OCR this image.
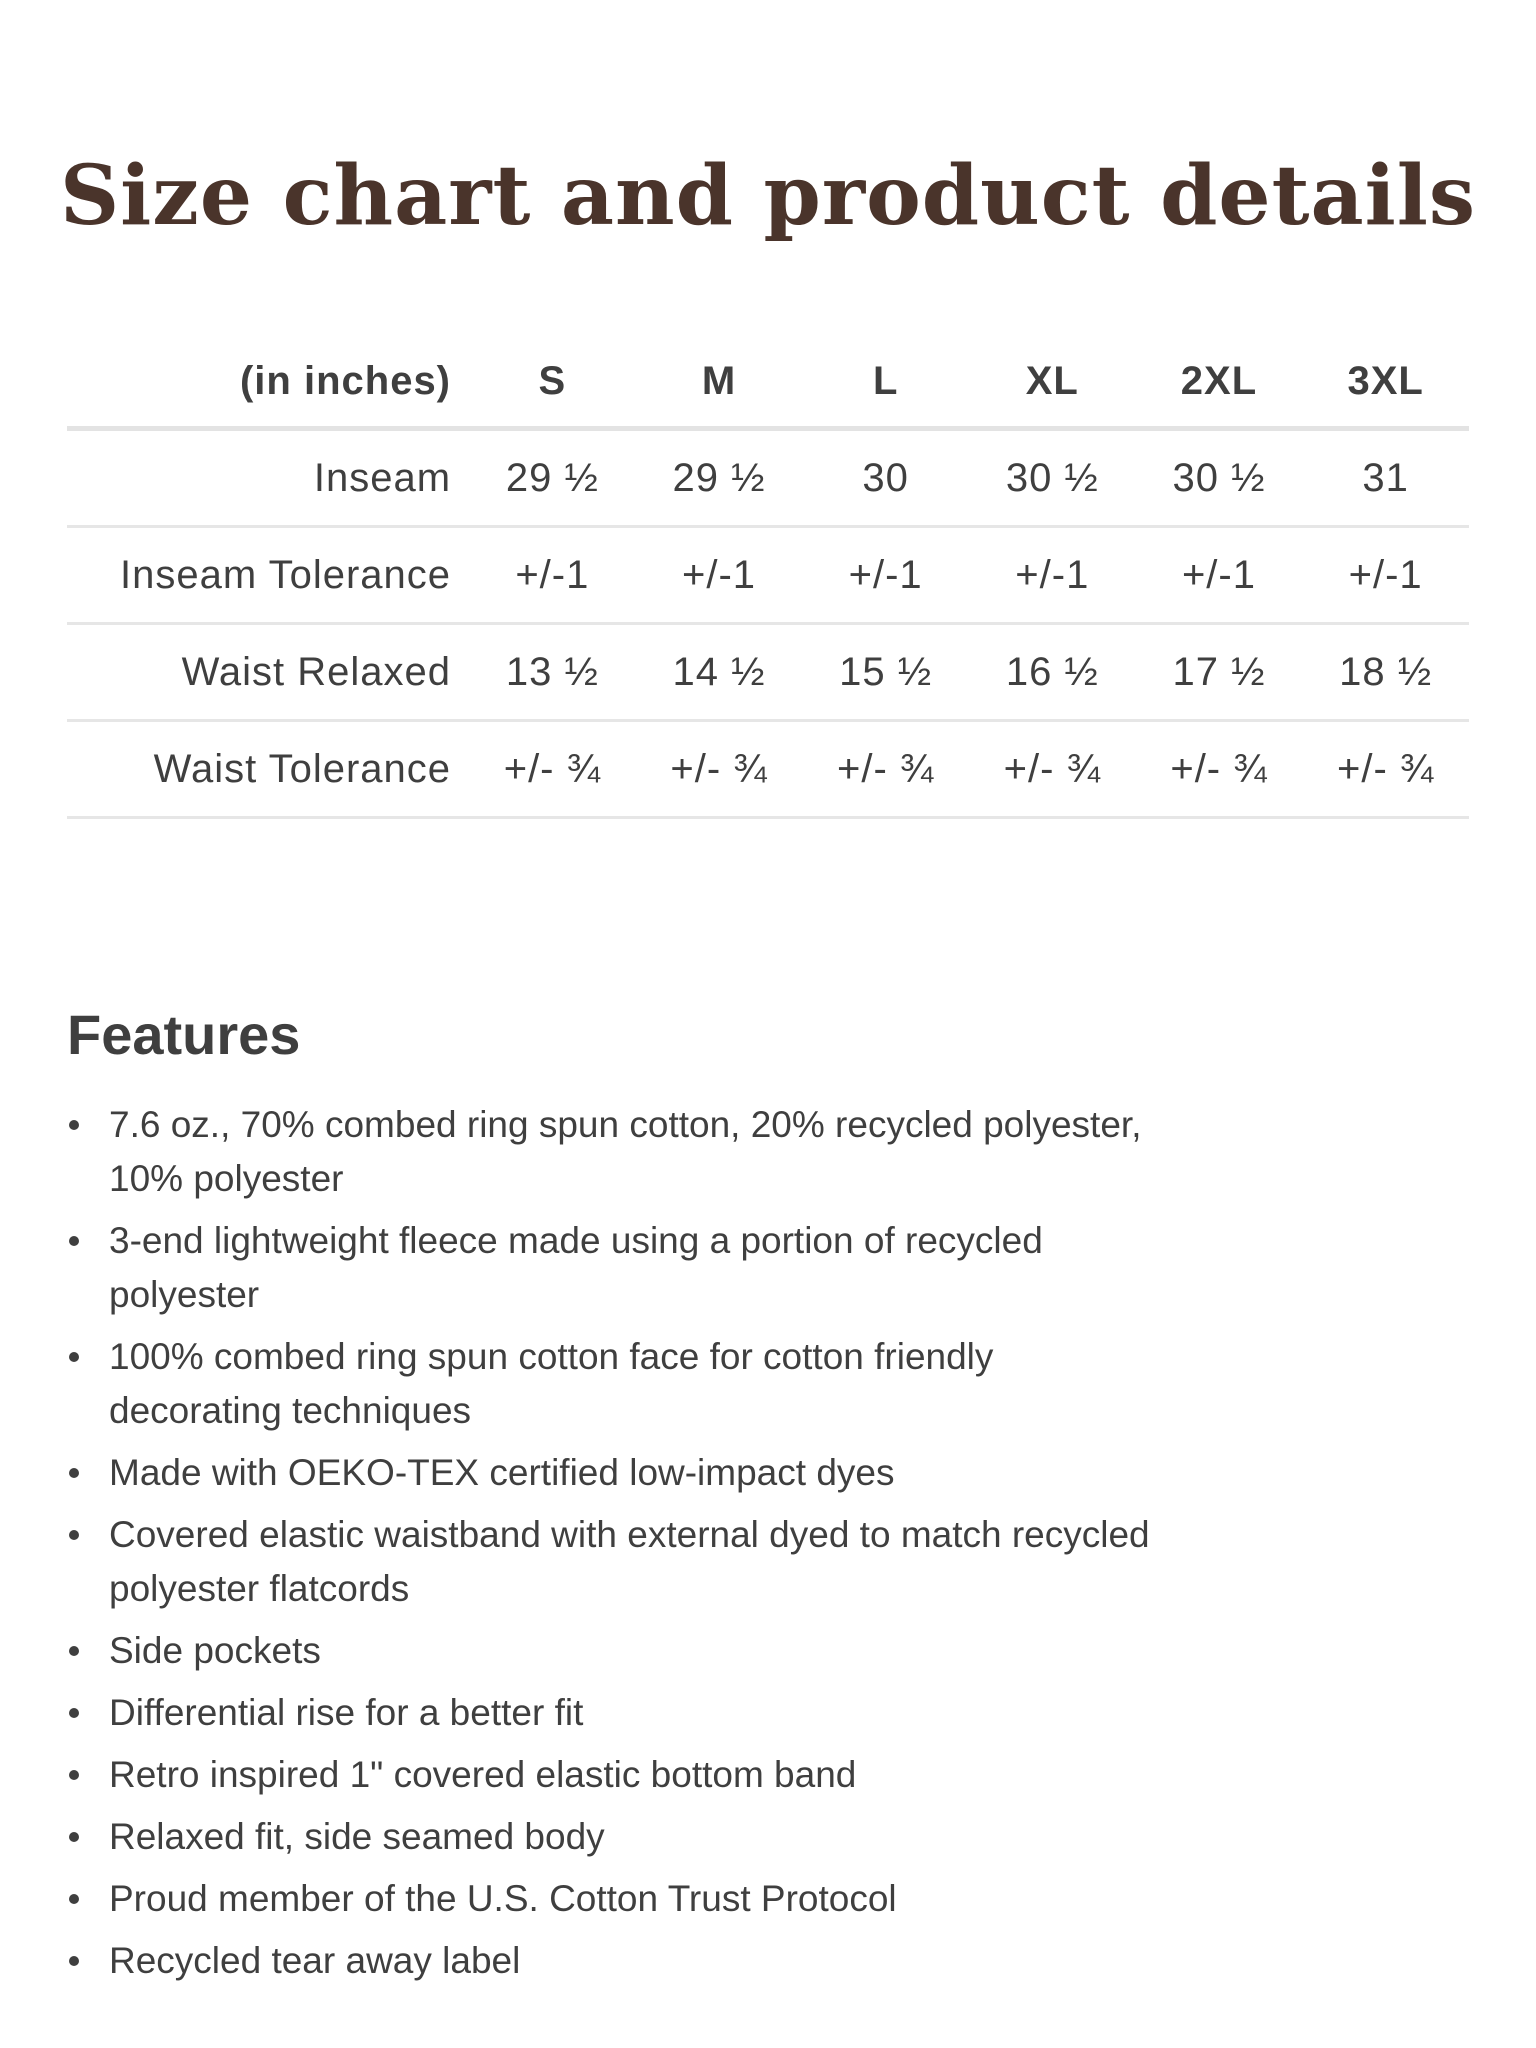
Size chart and product details
(in inches)	S	M	L	XL	2XL	3XL
Inseam	29 ½	29 ½	30	30 ½	30 ½	31
Inseam Tolerance	+/-1	+/-1	+/-1	+/-1	+/-1	+/-1
Waist Relaxed	13 ½	14 ½	15 ½	16 ½	17 ½	18 ½
Waist Tolerance	+/- ¾	+/- ¾	+/- ¾	+/- ¾	+/- ¾	+/- ¾
Features
7.6 oz., 70% combed ring spun cotton, 20% recycled polyester, 10% polyester
3-end lightweight fleece made using a portion of recycled polyester
100% combed ring spun cotton face for cotton friendly decorating techniques
Made with OEKO-TEX certified low-impact dyes
Covered elastic waistband with external dyed to match recycled polyester flatcords
Side pockets
Differential rise for a better fit
Retro inspired 1" covered elastic bottom band
Relaxed fit, side seamed body
Proud member of the U.S. Cotton Trust Protocol
Recycled tear away label
